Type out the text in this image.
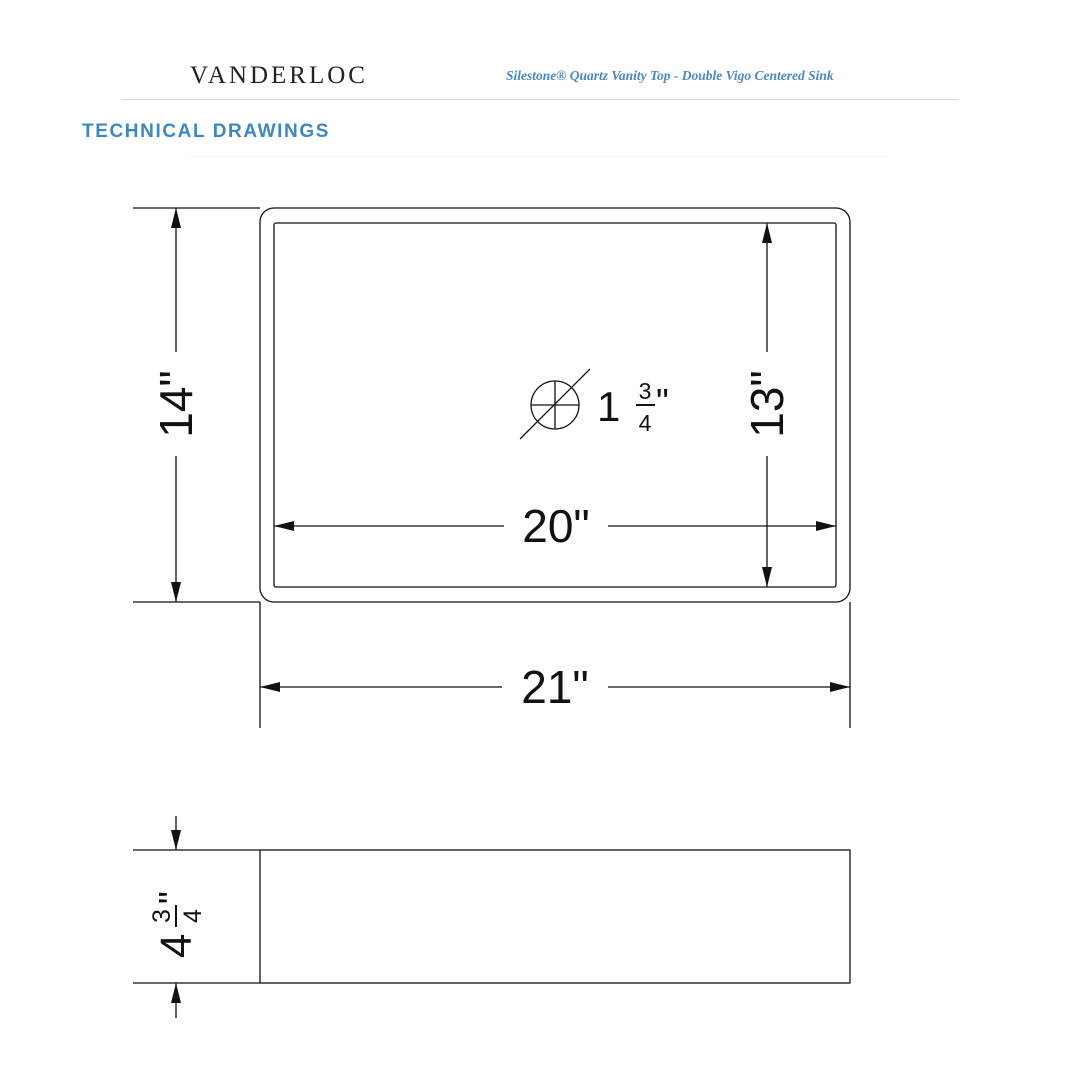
VANDERLOC	Silestone® Quartz Vanity Top - Double Vigo Centered Sink
TECHNICAL DRAWINGS
14"	13"
20"
21"
1 3
4
"
4
3 4
"
